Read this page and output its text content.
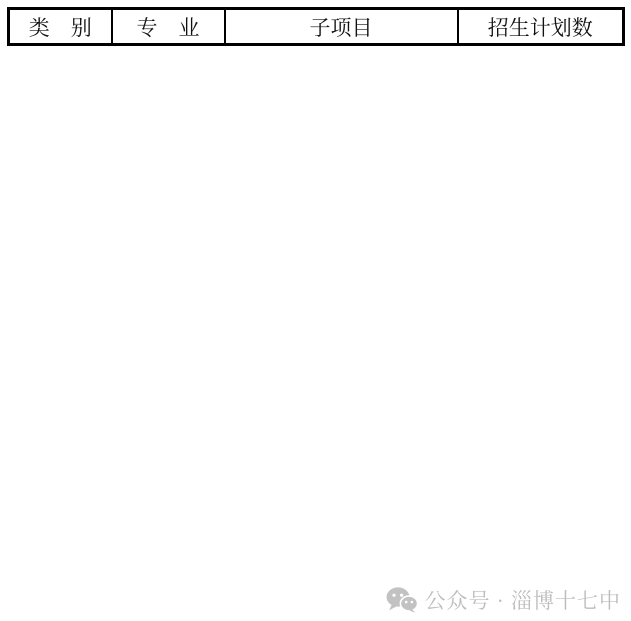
公众号 · 淄博十七中
类　别	专　业	子项目	招生计划数
